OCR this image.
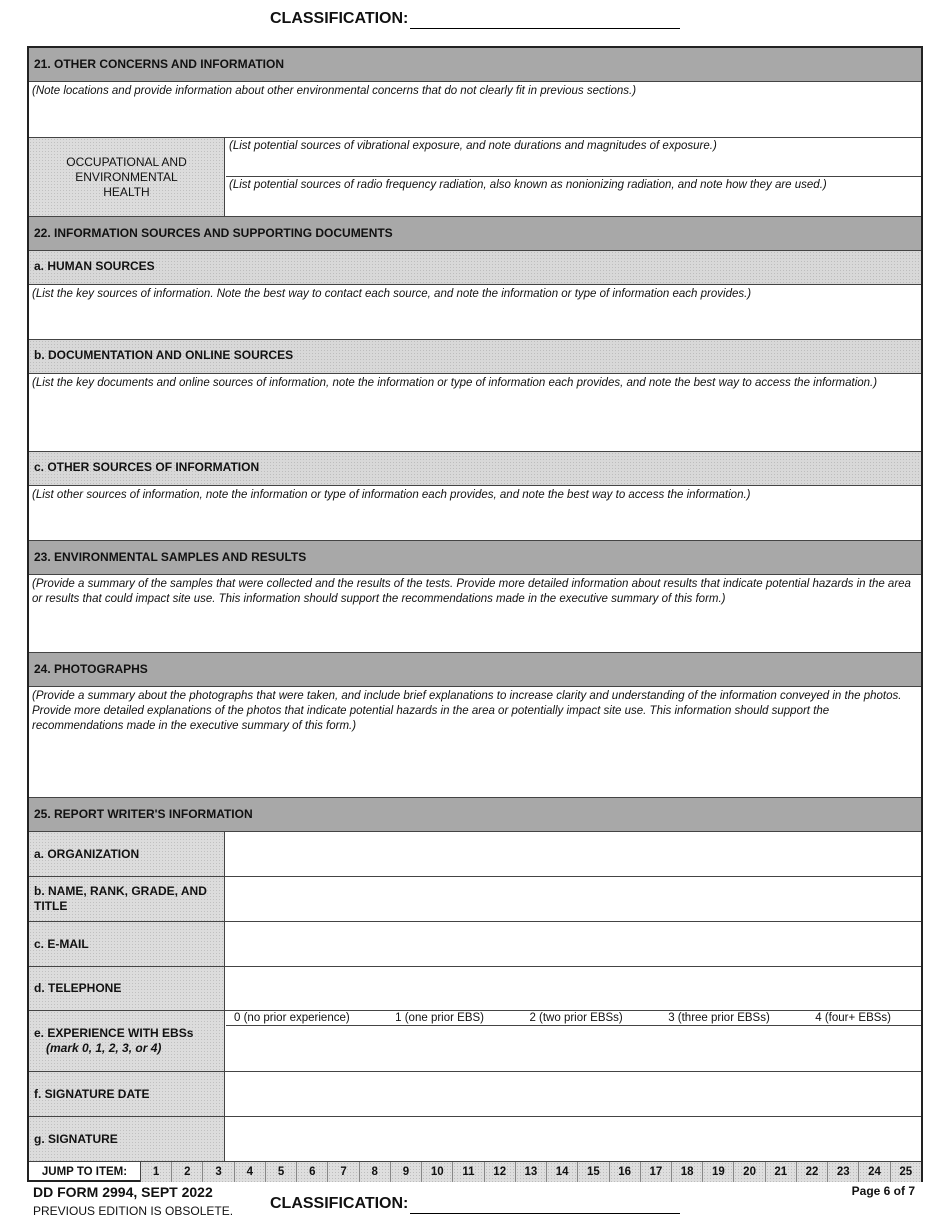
CLASSIFICATION:
21. OTHER CONCERNS AND INFORMATION
(Note locations and provide information about other environmental concerns that do not clearly fit in previous sections.)
OCCUPATIONAL AND ENVIRONMENTAL HEALTH
(List potential sources of vibrational exposure, and note durations and magnitudes of exposure.)
(List potential sources of radio frequency radiation, also known as nonionizing radiation, and note how they are used.)
22. INFORMATION SOURCES AND SUPPORTING DOCUMENTS
a. HUMAN SOURCES
(List the key sources of information. Note the best way to contact each source, and note the information or type of information each provides.)
b. DOCUMENTATION AND ONLINE SOURCES
(List the key documents and online sources of information, note the information or type of information each provides, and note the best way to access the information.)
c. OTHER SOURCES OF INFORMATION
(List other sources of information, note the information or type of information each provides, and note the best way to access the information.)
23. ENVIRONMENTAL SAMPLES AND RESULTS
(Provide a summary of the samples that were collected and the results of the tests. Provide more detailed information about results that indicate potential hazards in the area or results that could impact site use. This information should support the recommendations made in the executive summary of this form.)
24. PHOTOGRAPHS
(Provide a summary about the photographs that were taken, and include brief explanations to increase clarity and understanding of the information conveyed in the photos. Provide more detailed explanations of the photos that indicate potential hazards in the area or potentially impact site use. This information should support the recommendations made in the executive summary of this form.)
25. REPORT WRITER'S INFORMATION
a. ORGANIZATION
b. NAME, RANK, GRADE, AND TITLE
c. E-MAIL
d. TELEPHONE
e. EXPERIENCE WITH EBSs
(mark 0, 1, 2, 3, or 4)
0 (no prior experience)	1 (one prior EBS)	2 (two prior EBSs)	3 (three prior EBSs)	4 (four+ EBSs)
f. SIGNATURE DATE
g. SIGNATURE
JUMP TO ITEM:	1	2	3	4	5	6	7	8	9	10	11	12	13	14	15	16	17	18	19	20	21	22	23	24	25
DD FORM 2994, SEPT 2022
PREVIOUS EDITION IS OBSOLETE.
Page 6 of 7
CLASSIFICATION:
